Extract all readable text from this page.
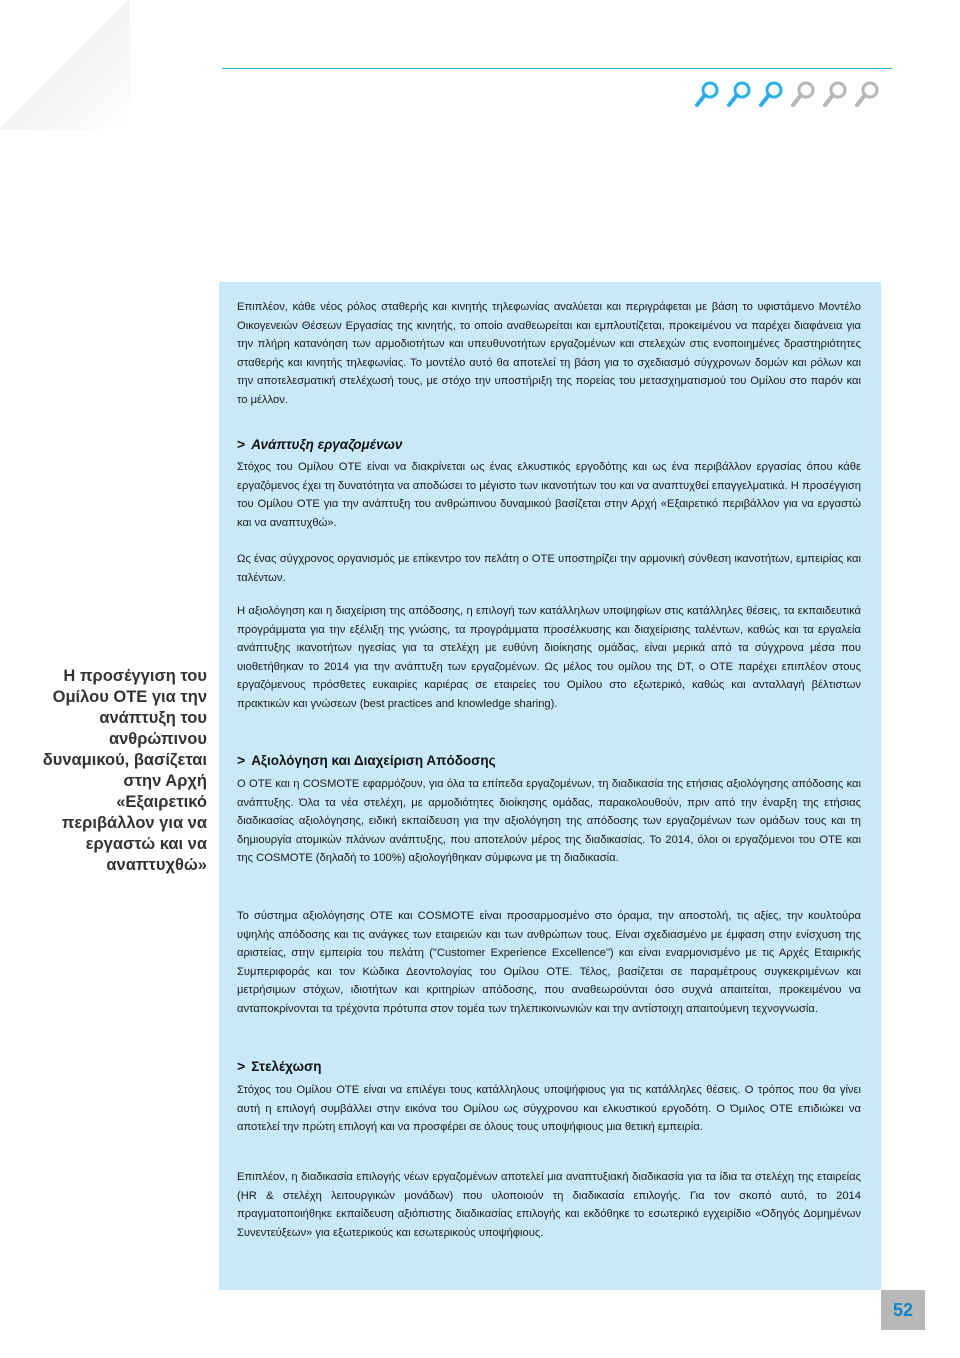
Επιπλέον, κάθε νέος ρόλος σταθερής και κινητής τηλεφωνίας αναλύεται και περιγράφεται με βάση το υφιστάμενο Μοντέλο Οικογενειών Θέσεων Εργασίας της κινητής, το οποίο αναθεωρείται και εμπλουτίζεται, προκειμένου να παρέχει διαφάνεια για την πλήρη κατανόηση των αρμοδιοτήτων και υπευθυνοτήτων εργαζομένων και στελεχών στις ενοποιημένες δραστηριότητες σταθερής και κινητής τηλεφωνίας. Το μοντέλο αυτό θα αποτελεί τη βάση για το σχεδιασμό σύγχρονων δομών και ρόλων και την αποτελεσματική στελέχωσή τους, με στόχο την υποστήριξη της πορείας του μετασχηματισμού του Ομίλου στο παρόν και το μέλλον.

> Ανάπτυξη εργαζομένων

Στόχος του Ομίλου ΟΤΕ είναι να διακρίνεται ως ένας ελκυστικός εργοδότης και ως ένα περιβάλλον εργασίας όπου κάθε εργαζόμενος έχει τη δυνατότητα να αποδώσει το μέγιστο των ικανοτήτων του και να αναπτυχθεί επαγγελματικά. Η προσέγγιση του Ομίλου ΟΤΕ για την ανάπτυξη του ανθρώπινου δυναμικού βασίζεται στην Αρχή «Εξαιρετικό περιβάλλον για να εργαστώ και να αναπτυχθώ».

Ως ένας σύγχρονος οργανισμός με επίκεντρο τον πελάτη ο ΟΤΕ υποστηρίζει την αρμονική σύνθεση ικανοτήτων, εμπειρίας και ταλέντων.

Η αξιολόγηση και η διαχείριση της απόδοσης, η επιλογή των κατάλληλων υποψηφίων στις κατάλληλες θέσεις, τα εκπαιδευτικά προγράμματα για την εξέλιξη της γνώσης, τα προγράμματα προσέλκυσης και διαχείρισης ταλέντων, καθώς και τα εργαλεία ανάπτυξης ικανοτήτων ηγεσίας για τα στελέχη με ευθύνη διοίκησης ομάδας, είναι μερικά από τα σύγχρονα μέσα που υιοθετήθηκαν το 2014 για την ανάπτυξη των εργαζομένων. Ως μέλος του ομίλου της DT, ο ΟΤΕ παρέχει επιπλέον στους εργαζόμενους πρόσθετες ευκαιρίες καριέρας σε εταιρείες του Ομίλου στο εξωτερικό, καθώς και ανταλλαγή βέλτιστων πρακτικών και γνώσεων (best practices and knowledge sharing).

> Αξιολόγηση και Διαχείριση Απόδοσης

Ο ΟΤΕ και η COSMOTE εφαρμόζουν, για όλα τα επίπεδα εργαζομένων, τη διαδικασία της ετήσιας αξιολόγησης απόδοσης και ανάπτυξης. Όλα τα νέα στελέχη, με αρμοδιότητες διοίκησης ομάδας, παρακολουθούν, πριν από την έναρξη της ετήσιας διαδικασίας αξιολόγησης, ειδική εκπαίδευση για την αξιολόγηση της απόδοσης των εργαζομένων των ομάδων τους και τη δημιουργία ατομικών πλάνων ανάπτυξης, που αποτελούν μέρος της διαδικασίας. Το 2014, όλοι οι εργαζόμενοι του ΟΤΕ και της COSMOTE (δηλαδή το 100%) αξιολογήθηκαν σύμφωνα με τη διαδικασία.

Το σύστημα αξιολόγησης ΟΤΕ και COSMOTE είναι προσαρμοσμένο στο όραμα, την αποστολή, τις αξίες, την κουλτούρα υψηλής απόδοσης και τις ανάγκες των εταιρειών και των ανθρώπων τους. Είναι σχεδιασμένο με έμφαση στην ενίσχυση της αριστείας, στην εμπειρία του πελάτη ("Customer Experience Excellence") και είναι εναρμονισμένο με τις Αρχές Εταιρικής Συμπεριφοράς και τον Κώδικα Δεοντολογίας του Ομίλου ΟΤΕ. Τέλος, βασίζεται σε παραμέτρους συγκεκριμένων και μετρήσιμων στόχων, ιδιοτήτων και κριτηρίων απόδοσης, που αναθεωρούνται όσο συχνά απαιτείται, προκειμένου να ανταποκρίνονται τα τρέχοντα πρότυπα στον τομέα των τηλεπικοινωνιών και την αντίστοιχη απαιτούμενη τεχνογνωσία.

> Στελέχωση

Στόχος του Ομίλου ΟΤΕ είναι να επιλέγει τους κατάλληλους υποψήφιους για τις κατάλληλες θέσεις. Ο τρόπος που θα γίνει αυτή η επιλογή συμβάλλει στην εικόνα του Ομίλου ως σύγχρονου και ελκυστικού εργοδότη. Ο Όμιλος ΟΤΕ επιδιώκει να αποτελεί την πρώτη επιλογή και να προσφέρει σε όλους τους υποψήφιους μια θετική εμπειρία.

Επιπλέον, η διαδικασία επιλογής νέων εργαζομένων αποτελεί μια αναπτυξιακή διαδικασία για τα ίδια τα στελέχη της εταιρείας (HR & στελέχη λειτουργικών μονάδων) που υλοποιούν τη διαδικασία επιλογής. Για τον σκοπό αυτό, το 2014 πραγματοποιήθηκε εκπαίδευση αξιόπιστης διαδικασίας επιλογής και εκδόθηκε το εσωτερικό εγχειρίδιο «Οδηγός Δομημένων Συνεντεύξεων» για εξωτερικούς και εσωτερικούς υποψήφιους.

Η προσέγγιση του Ομίλου ΟΤΕ για την ανάπτυξη του ανθρώπινου δυναμικού, βασίζεται στην Αρχή «Εξαιρετικό περιβάλλον για να εργαστώ και να αναπτυχθώ»

52
